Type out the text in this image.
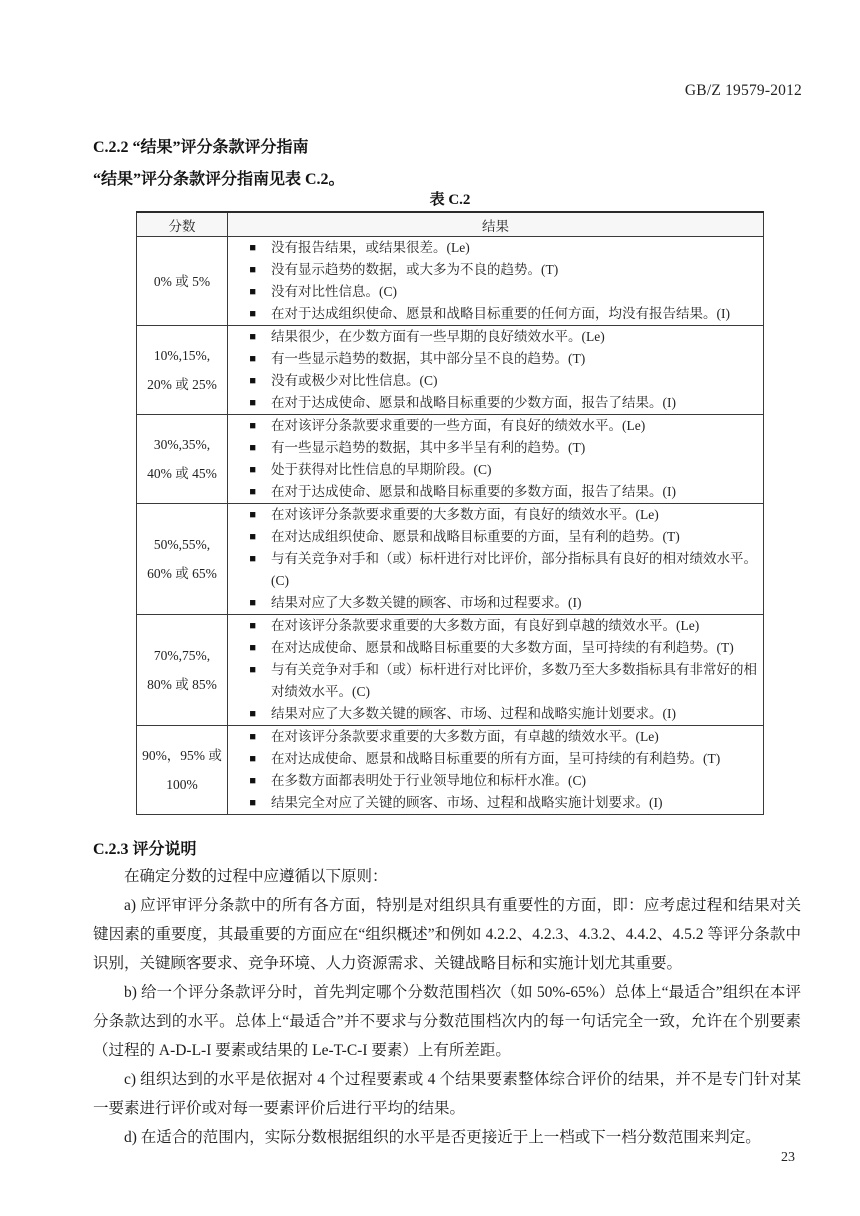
GB/Z 19579-2012
C.2.2 “结果”评分条款评分指南
“结果”评分条款评分指南见表 C.2。
表 C.2
分数	结果

0% 或 5%

■	没有报告结果，或结果很差。(Le)
■	没有显示趋势的数据，或大多为不良的趋势。(T)
■	没有对比性信息。(C)
■	在对于达成组织使命、愿景和战略目标重要的任何方面，均没有报告结果。(I)

10%,15%,
20% 或 25%

■	结果很少，在少数方面有一些早期的良好绩效水平。(Le)
■	有一些显示趋势的数据，其中部分呈不良的趋势。(T)
■	没有或极少对比性信息。(C)
■	在对于达成使命、愿景和战略目标重要的少数方面，报告了结果。(I)

30%,35%,
40% 或 45%

■	在对该评分条款要求重要的一些方面，有良好的绩效水平。(Le)
■	有一些显示趋势的数据，其中多半呈有利的趋势。(T)
■	处于获得对比性信息的早期阶段。(C)
■	在对于达成使命、愿景和战略目标重要的多数方面，报告了结果。(I)

50%,55%,
60% 或 65%

■	在对该评分条款要求重要的大多数方面，有良好的绩效水平。(Le)
■	在对达成组织使命、愿景和战略目标重要的方面，呈有利的趋势。(T)
■	与有关竞争对手和（或）标杆进行对比评价，部分指标具有良好的相对绩效水平。(C)
■	结果对应了大多数关键的顾客、市场和过程要求。(I)

70%,75%,
80% 或 85%

■	在对该评分条款要求重要的大多数方面，有良好到卓越的绩效水平。(Le)
■	在对达成使命、愿景和战略目标重要的大多数方面，呈可持续的有利趋势。(T)
■	与有关竞争对手和（或）标杆进行对比评价，多数乃至大多数指标具有非常好的相对绩效水平。(C)
■	结果对应了大多数关键的顾客、市场、过程和战略实施计划要求。(I)

90%，95% 或
100%

■	在对该评分条款要求重要的大多数方面，有卓越的绩效水平。(Le)
■	在对达成使命、愿景和战略目标重要的所有方面，呈可持续的有利趋势。(T)
■	在多数方面都表明处于行业领导地位和标杆水准。(C)
■	结果完全对应了关键的顾客、市场、过程和战略实施计划要求。(I)
C.2.3 评分说明

在确定分数的过程中应遵循以下原则：

a) 应评审评分条款中的所有各方面，特别是对组织具有重要性的方面，即：应考虑过程和结果对关键因素的重要度，其最重要的方面应在“组织概述”和例如 4.2.2、4.2.3、4.3.2、4.4.2、4.5.2 等评分条款中识别，关键顾客要求、竞争环境、人力资源需求、关键战略目标和实施计划尤其重要。

b) 给一个评分条款评分时，首先判定哪个分数范围档次（如 50%-65%）总体上“最适合”组织在本评分条款达到的水平。总体上“最适合”并不要求与分数范围档次内的每一句话完全一致，允许在个别要素（过程的 A-D-L-I 要素或结果的 Le-T-C-I 要素）上有所差距。

c) 组织达到的水平是依据对 4 个过程要素或 4 个结果要素整体综合评价的结果，并不是专门针对某一要素进行评价或对每一要素评价后进行平均的结果。

d) 在适合的范围内，实际分数根据组织的水平是否更接近于上一档或下一档分数范围来判定。

23
